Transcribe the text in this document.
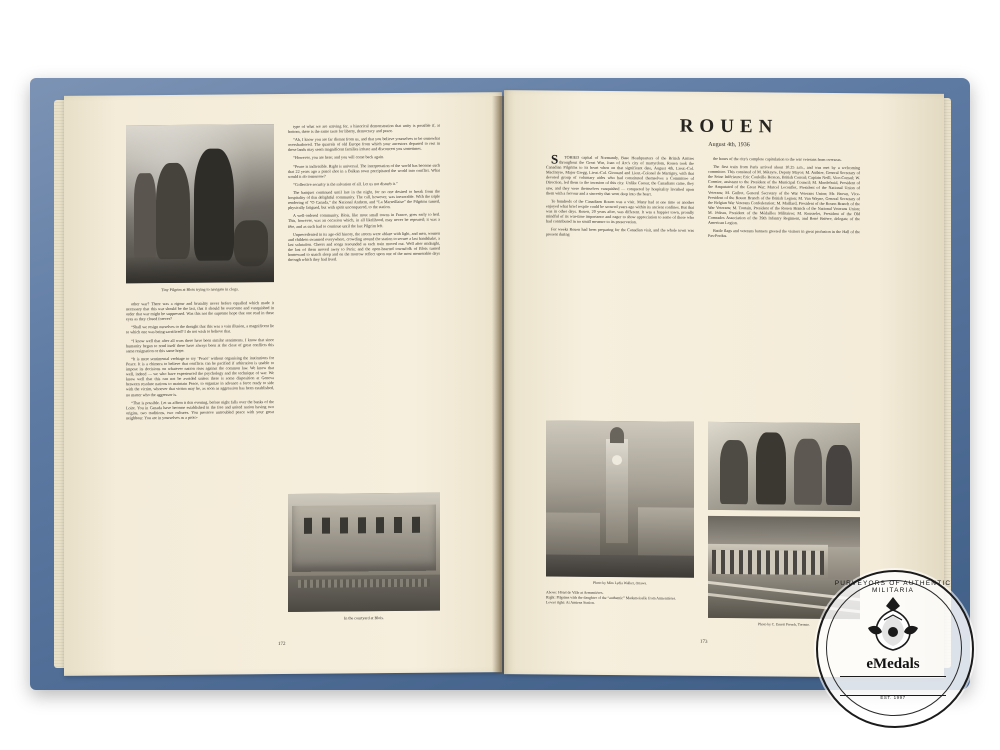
Tiny Pilgrim at Blois trying to navigate in clogs.

other war? There was a rigour and brutality never before equalled which made it necessary that this war should be the last, that it should be overcome and vanquished in order that war might be suppressed. Was this not the supreme hope that one read in these eyes as they closed forever?

“Shall we resign ourselves to the thought that this was a vain illusion, a magnificent lie to which one was being sacrificed? I do not wish to believe that.

“I know well that after all wars there have been similar sentiments. I know that since humanity began to rend itself there have always been at the close of great conflicts this same resignation or this same hope.

“It is mere sentimental verbiage to cry ‘Peace’ without organising the institutions for Peace. It is a chimera to believe that conflicts can be pacified if arbitration is unable to impose its decisions on whatever nation rises against the common law. We know that well, indeed — we who have experienced the psychology and the technique of war. We know well that this can not be avoided unless there is some disposition at Geneva between resolute nations to maintain Peace, to organize in advance a force ready to side with the victim, whoever that victim may be, as soon as aggression has been established, no matter who the aggressor is.

“That is possible. Let us affirm it this evening, before night falls over the banks of the Loire. You in Canada have become established in the free and united nation having two origins, two traditions, two cultures. You preserve untroubled peace with your great neighbour. You are in yourselves as a proto-

type of what we are striving for, a historical demonstration that unity is possible if, at bottom, there is the same taste for liberty, democracy and peace.

“Ah, I know you are far distant from us, and that you believe yourselves to be somewhat overshadowed. The quarrels of old Europe from which your ancestors departed to rest in these lands may seem magnificent families irritate and disconcert you sometimes.

“However, you are here; and you will come back again.

“Peace is indivisible. Right is universal. The interpretation of the world has become such that 22 years ago a pistol shot in a Balkan town precipitated the world into conflict. What would it do tomorrow?

“Collective security is the salvation of all. Let us not disturb it.”

The banquet continued until late in the night, for no one desired to break from the hospitality of this delightful community. The call, however, was inexorable. With the triple rendering of “O Canada,” the National Anthem, and “La Marseillaise” the Pilgrims turned, physically fatigued, but with spirit unconquered, to the station.

A well-ordered community, Blois, like most small towns in France, goes early to bed. This, however, was an occasion which, in all likelihood, may never be repeated; it was a fête, and as such had to continue until the last Pilgrim left.

Unprecedented in its age-old history, the streets were ablaze with light, and men, women and children swarmed everywhere, crowding around the station to secure a last handshake, a last salutation. Cheers and songs resounded as each train moved out. Well after midnight, the last of them moved away to Paris; and the open-hearted townsfolk of Blois turned homeward to snatch sleep and on the morrow reflect upon one of the most memorable days through which they had lived.

In the courtyard at Blois.
172
ROUEN
August 4th, 1936

S TORIED capital of Normandy, Base Headquarters of the British Armies throughout the Great War, Joan of Arc's city of martyrdom, Rouen took the Canadian Pilgrims to its heart when on that significant date, August 4th, Lieut.-Col. MacIntyre, Major Gregg, Lieut.-Col. Girouard and Lieut.-Colonel de Martigny, with that devoted group of voluntary aides who had constituted themselves a Committee of Direction, led them to the invasion of this city. Unlike Caesar, the Canadians came, they saw, and they were themselves vanquished — conquered by hospitality lavished upon them with a fervour and a sincerity that went deep into the heart.

To hundreds of the Canadians Rouen was a visit. Many had at one time or another enjoyed what brief respite could be secured years ago within its ancient confines. But that was in other days. Rouen, 20 years after, was different. It was a happier town, proudly mindful of its war-time importance and eager to show appreciation to some of those who had contributed in no small measure to its preservation.

For weeks Rouen had been preparing for the Canadian visit, and the whole town was present during

the hours of the city's complete capitulation to the war veterans from overseas.

The first train from Paris arrived about 10.25 a.m., and was met by a welcoming committee. This consisted of M. Métayre, Deputy Mayor; M. Authier, General Secretary of the Seine Inférieure; Eric Couleille Boxton, British Consul; Captain Neill, Vice-Consul; W. Cormier, assistant to the President of the Municipal Council; M. Mordefroid, President of the Amputated of the Great War; Marcel Leconflet, President of the National Union of Veterans; M. Guilret, General Secretary of the War Veterans Union; Mr. Brown, Vice-President of the Rouen Branch of the British Legion; M. Van Wayne, General Secretary of the Belgian War Veterans Confederation; M. Maillard, President of the Rouen Branch of the War Veterans; M. Toutain, President of the Rouen Branch of the National Veterans Union; M. Jédeau, President of the Médailles Militaires; M. Rousselet, President of the Old Comrades Association of the 39th Infantry Regiment, and René Brièrre, delegate of the American Legion.

Battle flags and veterans banners greeted the visitors in great profusion in the Hall of the Pas-Perdus.

Photo by Miss Lydia Walker, Ottawa.
Above: Hôtel de Ville at Armentières.
Right: Pilgrims with the daughter of the “authentic” Mademoiselle from Armentières.
Lower right: At Amiens Station.
Photo by C. Ernest French, Toronto.
173
PURVEYORS OF AUTHENTIC MILITARIA
eMedals
EST. 1997
